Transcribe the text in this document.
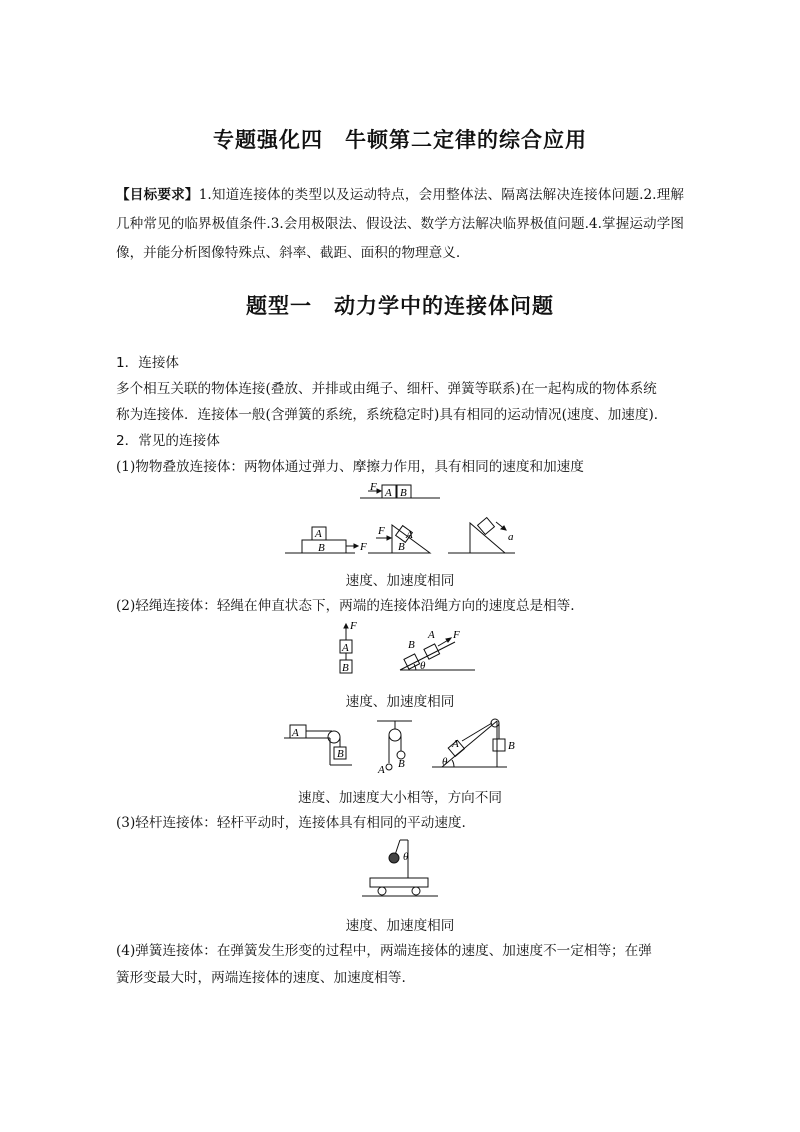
专题强化四　牛顿第二定律的综合应用
【目标要求】1.知道连接体的类型以及运动特点，会用整体法、隔离法解决连接体问题.2.理解几种常见的临界极值条件.3.会用极限法、假设法、数学方法解决临界极值问题.4.掌握运动学图像，并能分析图像特殊点、斜率、截距、面积的物理意义.
题型一　动力学中的连接体问题
1．连接体
多个相互关联的物体连接(叠放、并排或由绳子、细杆、弹簧等联系)在一起构成的物体系统
称为连接体．连接体一般(含弹簧的系统，系统稳定时)具有相同的运动情况(速度、加速度)．
2．常见的连接体
(1)物物叠放连接体：两物体通过弹力、摩擦力作用，具有相同的速度和加速度
F A B
A
B	F
F A
B
a
速度、加速度相同
(2)轻绳连接体：轻绳在伸直状态下，两端的连接体沿绳方向的速度总是相等.
F
A
B
B
A F
θ
速度、加速度相同
A
B
A B
A	B
θ
速度、加速度大小相等，方向不同
(3)轻杆连接体：轻杆平动时，连接体具有相同的平动速度.
θ
速度、加速度相同
(4)弹簧连接体：在弹簧发生形变的过程中，两端连接体的速度、加速度不一定相等；在弹
簧形变最大时，两端连接体的速度、加速度相等.
